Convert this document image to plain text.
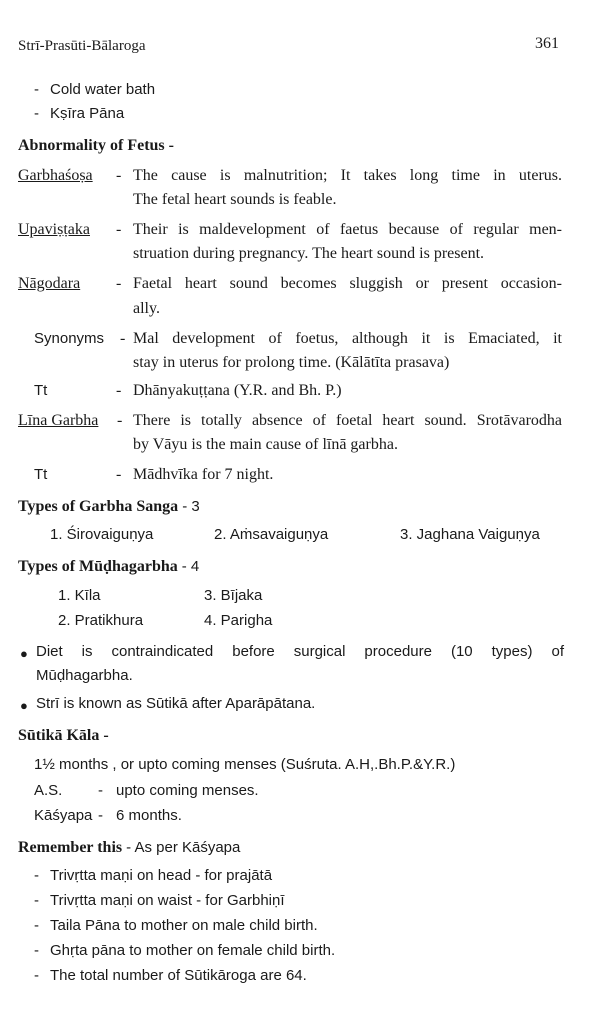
Strī-Prasūti-Bālaroga	361
- Cold water bath
- Kṣīra Pāna
Abnormality of Fetus -
Garbhaśoṣa - The cause is malnutrition; It takes long time in uterus.
The fetal heart sounds is feable.
Upaviṣṭaka - Their is maldevelopment of faetus because of regular men-
struation during pregnancy. The heart sound is present.
Nāgodara - Faetal heart sound becomes sluggish or present occasion-
ally.
Synonyms - Mal development of foetus, although it is Emaciated, it
stay in uterus for prolong time. (Kālātīta prasava)
Tt	- Dhānyakuṭṭana (Y.R. and Bh. P.)
Līna Garbha - There is totally absence of foetal heart sound. Srotāvarodha
by Vāyu is the main cause of līnā garbha.
Tt	- Mādhvīka for 7 night.
Types of Garbha Sanga - 3
1. Śirovaiguṇya	2. Aṁsavaiguṇya	3. Jaghana Vaiguṇya
Types of Mūḍhagarbha - 4
1. Kīla	3. Bījaka
2. Pratikhura	4. Parigha
● Diet is contraindicated before surgical procedure (10 types) of
Mūḍhagarbha.
● Strī is known as Sūtikā after Aparāpātana.
Sūtikā Kāla -
1½ months , or upto coming menses (Suśruta. A.H,.Bh.P.&Y.R.)
A.S. - upto coming menses.
Kāśyapa - 6 months.
Remember this - As per Kāśyapa
- Trivṛtta maṇi on head - for prajātā
- Trivṛtta maṇi on waist - for Garbhiṇī
- Taila Pāna to mother on male child birth.
- Ghṛta pāna to mother on female child birth.
- The total number of Sūtikāroga are 64.
